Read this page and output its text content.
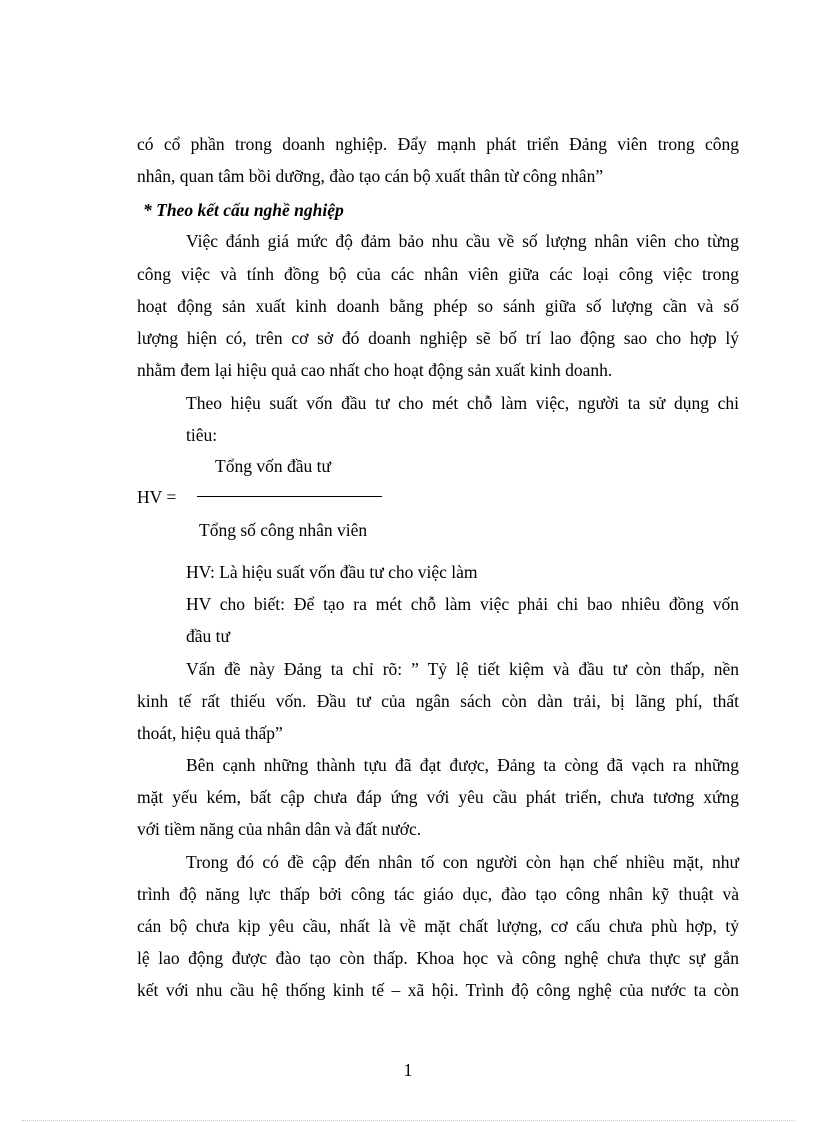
có cổ phần trong doanh nghiệp. Đẩy mạnh phát triển Đảng viên trong công
nhân, quan tâm bồi dưỡng, đào tạo cán bộ xuất thân từ công nhân”
* Theo kết cấu nghề nghiệp
Việc đánh giá mức độ đảm bảo nhu cầu về số lượng nhân viên cho từng
công việc và tính đồng bộ của các nhân viên giữa các loại công việc trong
hoạt động sản xuất kinh doanh bằng phép so sánh giữa số lượng cần và số
lượng hiện có, trên cơ sở đó doanh nghiệp sẽ bố trí lao động sao cho hợp lý
nhằm đem lại hiệu quả cao nhất cho hoạt động sản xuất kinh doanh.
Theo hiệu suất vốn đầu tư cho mét chỗ làm việc, người ta sử dụng chi
tiêu:
Tổng vốn đầu tư
HV =
Tổng số công nhân viên
HV: Là hiệu suất vốn đầu tư cho việc làm
HV cho biết: Để tạo ra mét chỗ làm việc phải chi bao nhiêu đồng vốn
đầu tư
Vấn đề này Đảng ta chỉ rõ: ” Tỷ lệ tiết kiệm và đầu tư còn thấp, nền
kinh tế rất thiếu vốn. Đầu tư của ngân sách còn dàn trải, bị lãng phí, thất
thoát, hiệu quả thấp”
Bên cạnh những thành tựu đã đạt được, Đảng ta còng đã vạch ra những
mặt yếu kém, bất cập chưa đáp ứng với yêu cầu phát triển, chưa tương xứng
với tiềm năng của nhân dân và đất nước.
Trong đó có đề cập đến nhân tố con người còn hạn chế nhiều mặt, như
trình độ năng lực thấp bởi công tác giáo dục, đào tạo công nhân kỹ thuật và
cán bộ chưa kịp yêu cầu, nhất là về mặt chất lượng, cơ cấu chưa phù hợp, tỷ
lệ lao động được đào tạo còn thấp. Khoa học và công nghệ chưa thực sự gắn
kết với nhu cầu hệ thống kinh tế – xã hội. Trình độ công nghệ của nước ta còn
1
